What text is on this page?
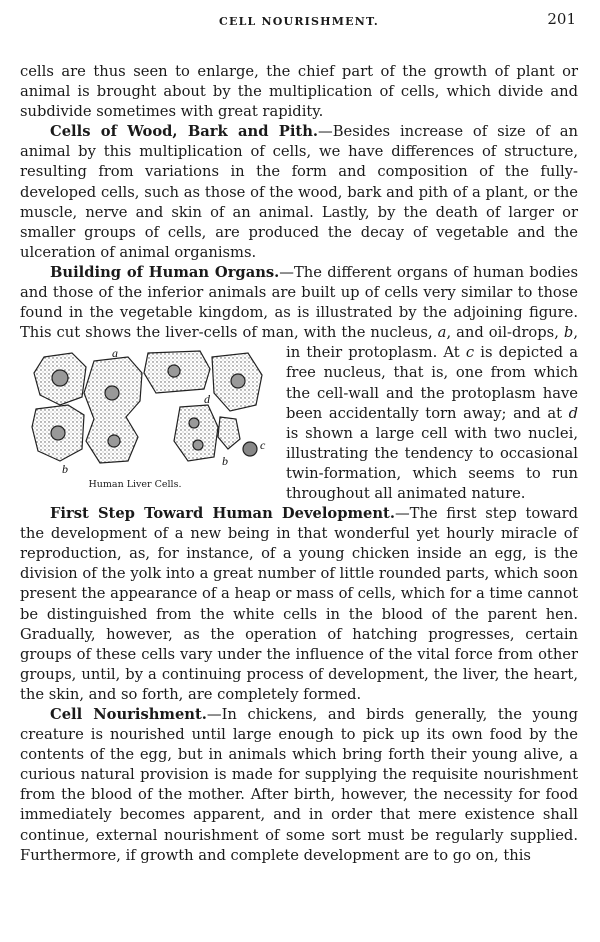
CELL NOURISHMENT.	201

cells are thus seen to enlarge, the chief part of the growth of plant or animal is brought about by the multiplication of cells, which divide and subdivide sometimes with great rapidity.

Cells of Wood, Bark and Pith.—Besides increase of size of an animal by this multiplication of cells, we have differences of structure, resulting from variations in the form and composition of the fully-developed cells, such as those of the wood, bark and pith of a plant, or the muscle, nerve and skin of an animal. Lastly, by the death of larger or smaller groups of cells, are produced the decay of vegetable and the ulceration of animal organisms.

Building of Human Organs.—The different organs of human bodies and those of the inferior animals are built up of cells very similar to those found in the vegetable kingdom, as is illustrated by the adjoining figure. This cut shows the liver-cells of man, with the nucleus,
a
b
b
c
d
Human Liver Cells.
a, and oil-drops, b, in their protoplasm. At c is depicted a free nucleus, that is, one from which the cell-wall and the protoplasm have been accidentally torn away; and at d is shown a large cell with two nuclei, illustrating the tendency to occasional twin-formation, which seems to run throughout all animated nature.

First Step Toward Human Development.—The first step toward the development of a new being in that wonderful yet hourly miracle of reproduction, as, for instance, of a young chicken inside an egg, is the division of the yolk into a great number of little rounded parts, which soon present the appearance of a heap or mass of cells, which for a time cannot be distinguished from the white cells in the blood of the parent hen. Gradually, however, as the operation of hatching progresses, certain groups of these cells vary under the influence of the vital force from other groups, until, by a continuing process of development, the liver, the heart, the skin, and so forth, are completely formed.

Cell Nourishment.—In chickens, and birds generally, the young creature is nourished until large enough to pick up its own food by the contents of the egg, but in animals which bring forth their young alive, a curious natural provision is made for supplying the requisite nourishment from the blood of the mother. After birth, however, the necessity for food immediately becomes apparent, and in order that mere existence shall continue, external nourishment of some sort must be regularly supplied. Furthermore, if growth and complete development are to go on, this
